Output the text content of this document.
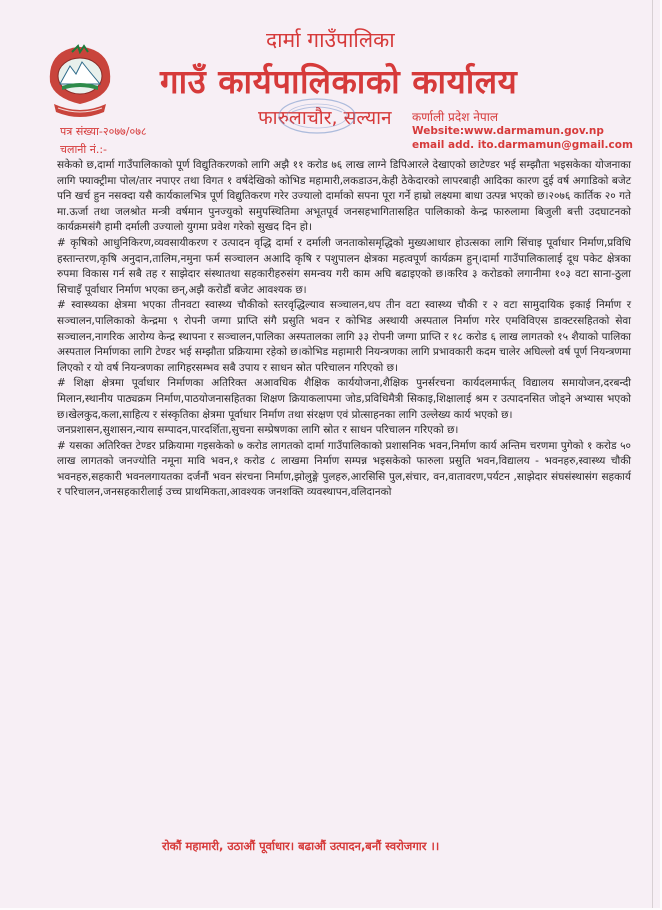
दार्मा गाउँपालिका
गाउँ कार्यपालिकाको कार्यालय
फारुलाचौर, सल्यान कर्णाली प्रदेश नेपाल
Website:www.darmamun.gov.np
email add. ito.darmamun@gmail.com
पत्र संख्या-२०७७/०७८
चलानी नं.:-

सकेको छ,दार्मा गाउँपालिकाको पूर्ण विद्युतिकरणको लागि अझै ११ करोड ७६ लाख लाग्ने डिपिआरले देखाएको छाटेण्डर भई सम्झौता भइसकेका योजनाका लागि फ्याक्ट्रीमा पोल/तार नपाएर तथा विगत १ वर्षदेखिको कोभिड महामारी,लकडाउन,केही ठेकेदारको लापरबाही आदिका कारण दुई वर्ष अगाडिको बजेट पनि खर्च हुन नसक्दा यसै कार्यकालभित्र पूर्ण विद्युतिकरण गरेर उज्यालो दार्माको सपना पूरा गर्ने हाम्रो लक्ष्यमा बाधा उत्पन्न भएको छ।२०७६ कार्तिक २० गते मा.ऊर्जा तथा जलश्रोत मन्त्री वर्षमान पुनज्युको समुपस्थितिमा अभूतपूर्व जनसहभागितासहित पालिकाको केन्द्र फारुलामा बिजुली बत्ती उदघाटनको कार्यक्रमसंगै हामी दर्मालीे उज्यालो युगमा प्रवेश गरेको सुखद दिन हो।

# कृषिको आधुनिकिरण,व्यवसायीकरण र उत्पादन वृद्धि दार्मा र दर्माली जनताकोसमृद्धिको मुख्यआधार होउत्सका लागि सिंचाइ पूर्वाधार निर्माण,प्रविधि हस्तान्तरण,कृषि अनुदान,तालिम,नमुना फर्म सञ्चालन अआदि कृषि र पशुपालन क्षेत्रका महत्वपूर्ण कार्यक्रम हुन्।दार्मा गाउँपालिकालाई दूध पकेट क्षेत्रका रुपमा विकास गर्न सबै तह र साझेदार संस्थातथा सहकारीहरुसंग समन्वय गरी काम अघि बढाइएको छ।करिव ३ करोडको लगानीमा १०३ वटा साना-ठुला सिचाइँ पूर्वाधार निर्माण भएका छन्,अझै करोडौं बजेट आवश्यक छ।

# स्वास्थ्यका क्षेत्रमा भएका तीनवटा स्वास्थ्य चौकीको स्तरवृद्धिल्याव सञ्चालन,थप तीन वटा स्वास्थ्य चौकी र २ वटा सामुदायिक इकाई निर्माण र सञ्चालन,पालिकाको केन्द्रमा ९ रोपनी जग्गा प्राप्ति संगै प्रसुति भवन र कोभिड अस्थायी अस्पताल निर्माण गरेर एमविविएस डाक्टरसहितको सेवा सञ्चालन,नागरिक आरोग्य केन्द्र स्थापना र सञ्चालन,पालिका अस्पतालका लागि ३३ रोपनी जग्गा प्राप्ति र १८ करोड ६ लाख लागतको १५ शैयाको पालिका अस्पताल निर्माणका लागि टेण्डर भई सम्झौता प्रक्रियामा रहेको छ।कोभिड महामारी नियन्त्रणका लागि प्रभावकारी कदम चालेर अघिल्लो वर्ष पूर्ण नियन्त्रणमा लिएको र यो वर्ष नियन्त्रणका लागिहरसम्भव सबै उपाय र साधन स्रोत परिचालन गरिएको छ।

# शिक्षा क्षेत्रमा पूर्वाधार निर्माणका अतिरिक्त अआवधिक शैक्षिक कार्ययोजना,शैक्षिक पुनर्सरचना कार्यदलमार्फत् विद्यालय समायोजन,दरबन्दी मिलान,स्थानीय पाठ्यक्रम निर्माण,पाठयोजनासहितका शिक्षण क्रियाकलापमा जोड,प्रविधिमैत्री सिकाइ,शिक्षालाई श्रम र उत्पादनसित जोड्ने अभ्यास भएको छ।खेलकुद,कला,साहित्य र संस्कृतिका क्षेत्रमा पूर्वाधार निर्माण तथा संरक्षण एवं प्रोत्साहनका लागि उल्लेख्य कार्य भएको छ।

जनप्रशासन,सुशासन,न्याय सम्पादन,पारदर्शिता,सुचना सम्प्रेषणका लागि स्रोत र साधन परिचालन गरिएको छ।

# यसका अतिरिक्त टेण्डर प्रक्रियामा गइसकेको ७ करोड लागतको दार्मा गाउँपालिकाको प्रशासनिक भवन,निर्माण कार्य अन्तिम चरणमा पुगेको १ करोड ५० लाख लागतको जनज्योति नमूना मावि भवन,१ करोड ८ लाखमा निर्माण सम्पन्न भइसकेको फारुला प्रसुति भवन,विद्यालय - भवनहरु,स्वास्थ्य चौकी भवनहरु,सहकारी भवनलगायतका दर्जनौं भवन संरचना निर्माण,झोलुङ्गे पुलहरु,आरसिसि पुल,संचार, वन,वातावरण,पर्यटन ,साझेदार संघसंस्थासंग सहकार्य र परिचालन,जनसहकारीलाई उच्च प्राथमिकता,आवश्यक जनशक्ति व्यवस्थापन,वलिदानको

रोकौं महामारी, उठाऔं पूर्वाधार। बढाऔं उत्पादन,बनौं स्वरोजगार ।।
